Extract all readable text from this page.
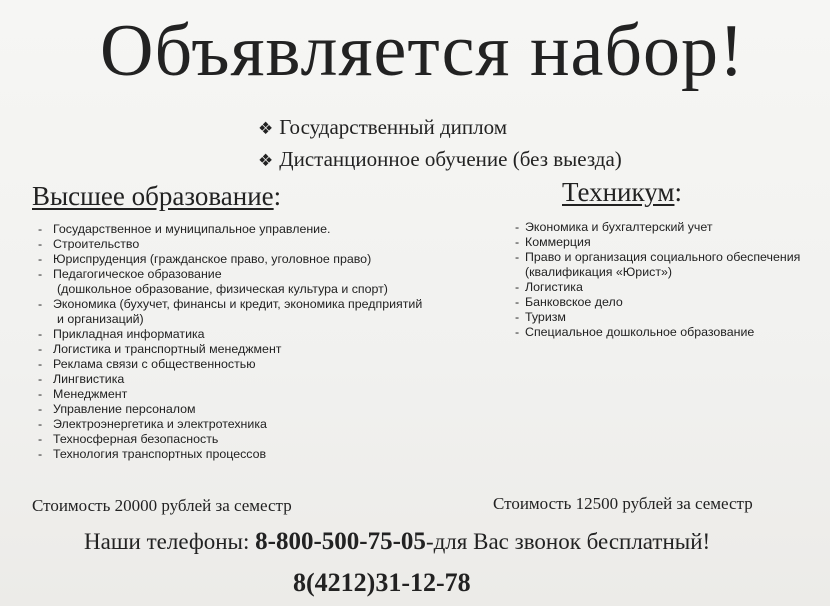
Объявляется набор!
❖ Государственный диплом
❖ Дистанционное обучение (без выезда)
Высшее образование:	Техникум:
- Государственное и муниципальное управление.
- Строительство
- Юриспруденция (гражданское право, уголовное право)
- Педагогическое образование
(дошкольное образование, физическая культура и спорт)
- Экономика (бухучет, финансы и кредит, экономика предприятий
и организаций)
- Прикладная информатика
- Логистика и транспортный менеджмент
- Реклама связи с общественностью
- Лингвистика
- Менеджмент
- Управление персоналом
- Электроэнергетика и электротехника
- Техносферная безопасность
- Технология транспортных процессов
- Экономика и бухгалтерский учет
- Коммерция
- Право и организация социального обеспечения
(квалификация «Юрист»)
- Логистика
- Банковское дело
- Туризм
- Специальное дошкольное образование
Стоимость 20000 рублей за семестр	Стоимость 12500 рублей за семестр
Наши телефоны: 8-800-500-75-05-для Вас звонок бесплатный!
8(4212)31-12-78
